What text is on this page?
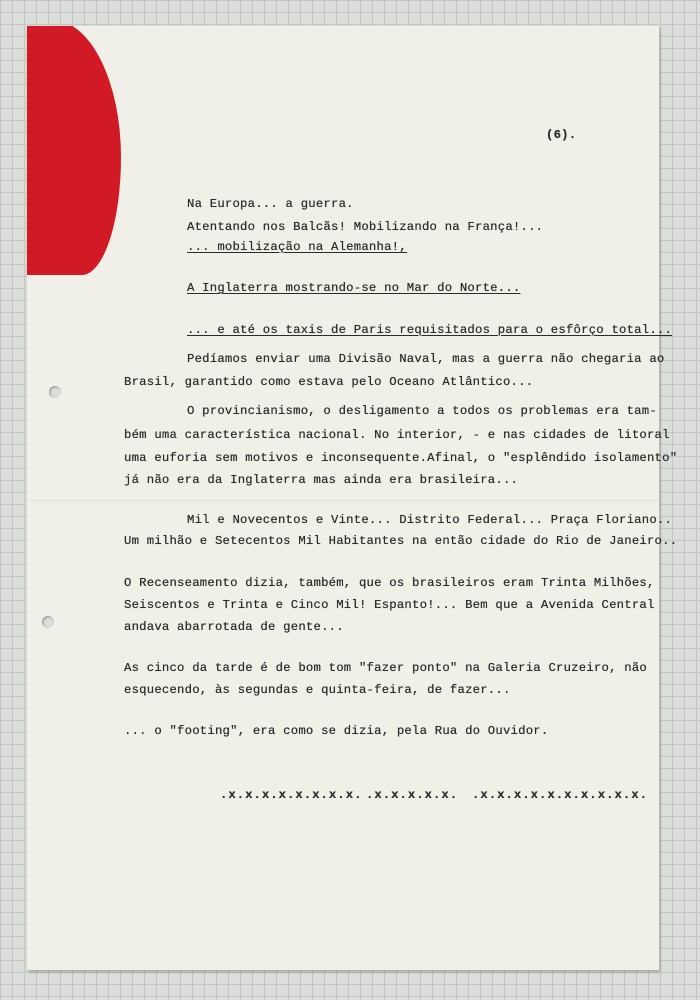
(6).
Na Europa... a guerra.
Atentando nos Balcãs! Mobilizando na França!...
... mobilização na Alemanha!,
A Inglaterra mostrando-se no Mar do Norte...
... e até os taxis de Paris requisitados para o esfôrço total...
Pedíamos enviar uma Divisão Naval, mas a guerra não chegaria ao
Brasil, garantido como estava pelo Oceano Atlântico...
O provincianismo, o desligamento a todos os problemas era tam-
bém uma característica nacional. No interior, - e nas cidades de litoral
uma euforia sem motivos e inconsequente.Afinal, o "esplêndido isolamento"
já não era da Inglaterra mas ainda era brasileira...
Mil e Novecentos e Vinte... Distrito Federal... Praça Floriano..
Um milhão e Setecentos Mil Habitantes na então cidade do Rio de Janeiro..
O Recenseamento dizia, também, que os brasileiros eram Trinta Milhões,
Seiscentos e Trinta e Cinco Mil! Espanto!... Bem que a Avenida Central
andava abarrotada de gente...
As cinco da tarde é de bom tom "fazer ponto" na Galeria Cruzeiro, não
esquecendo, às segundas e quinta-feira, de fazer...
... o "footing", era como se dizia, pela Rua do Ouvidor.
.x.x.x.x.x.x.x.x. .x.x.x.x.x. .x.x.x.x.x.x.x.x.x.x.
